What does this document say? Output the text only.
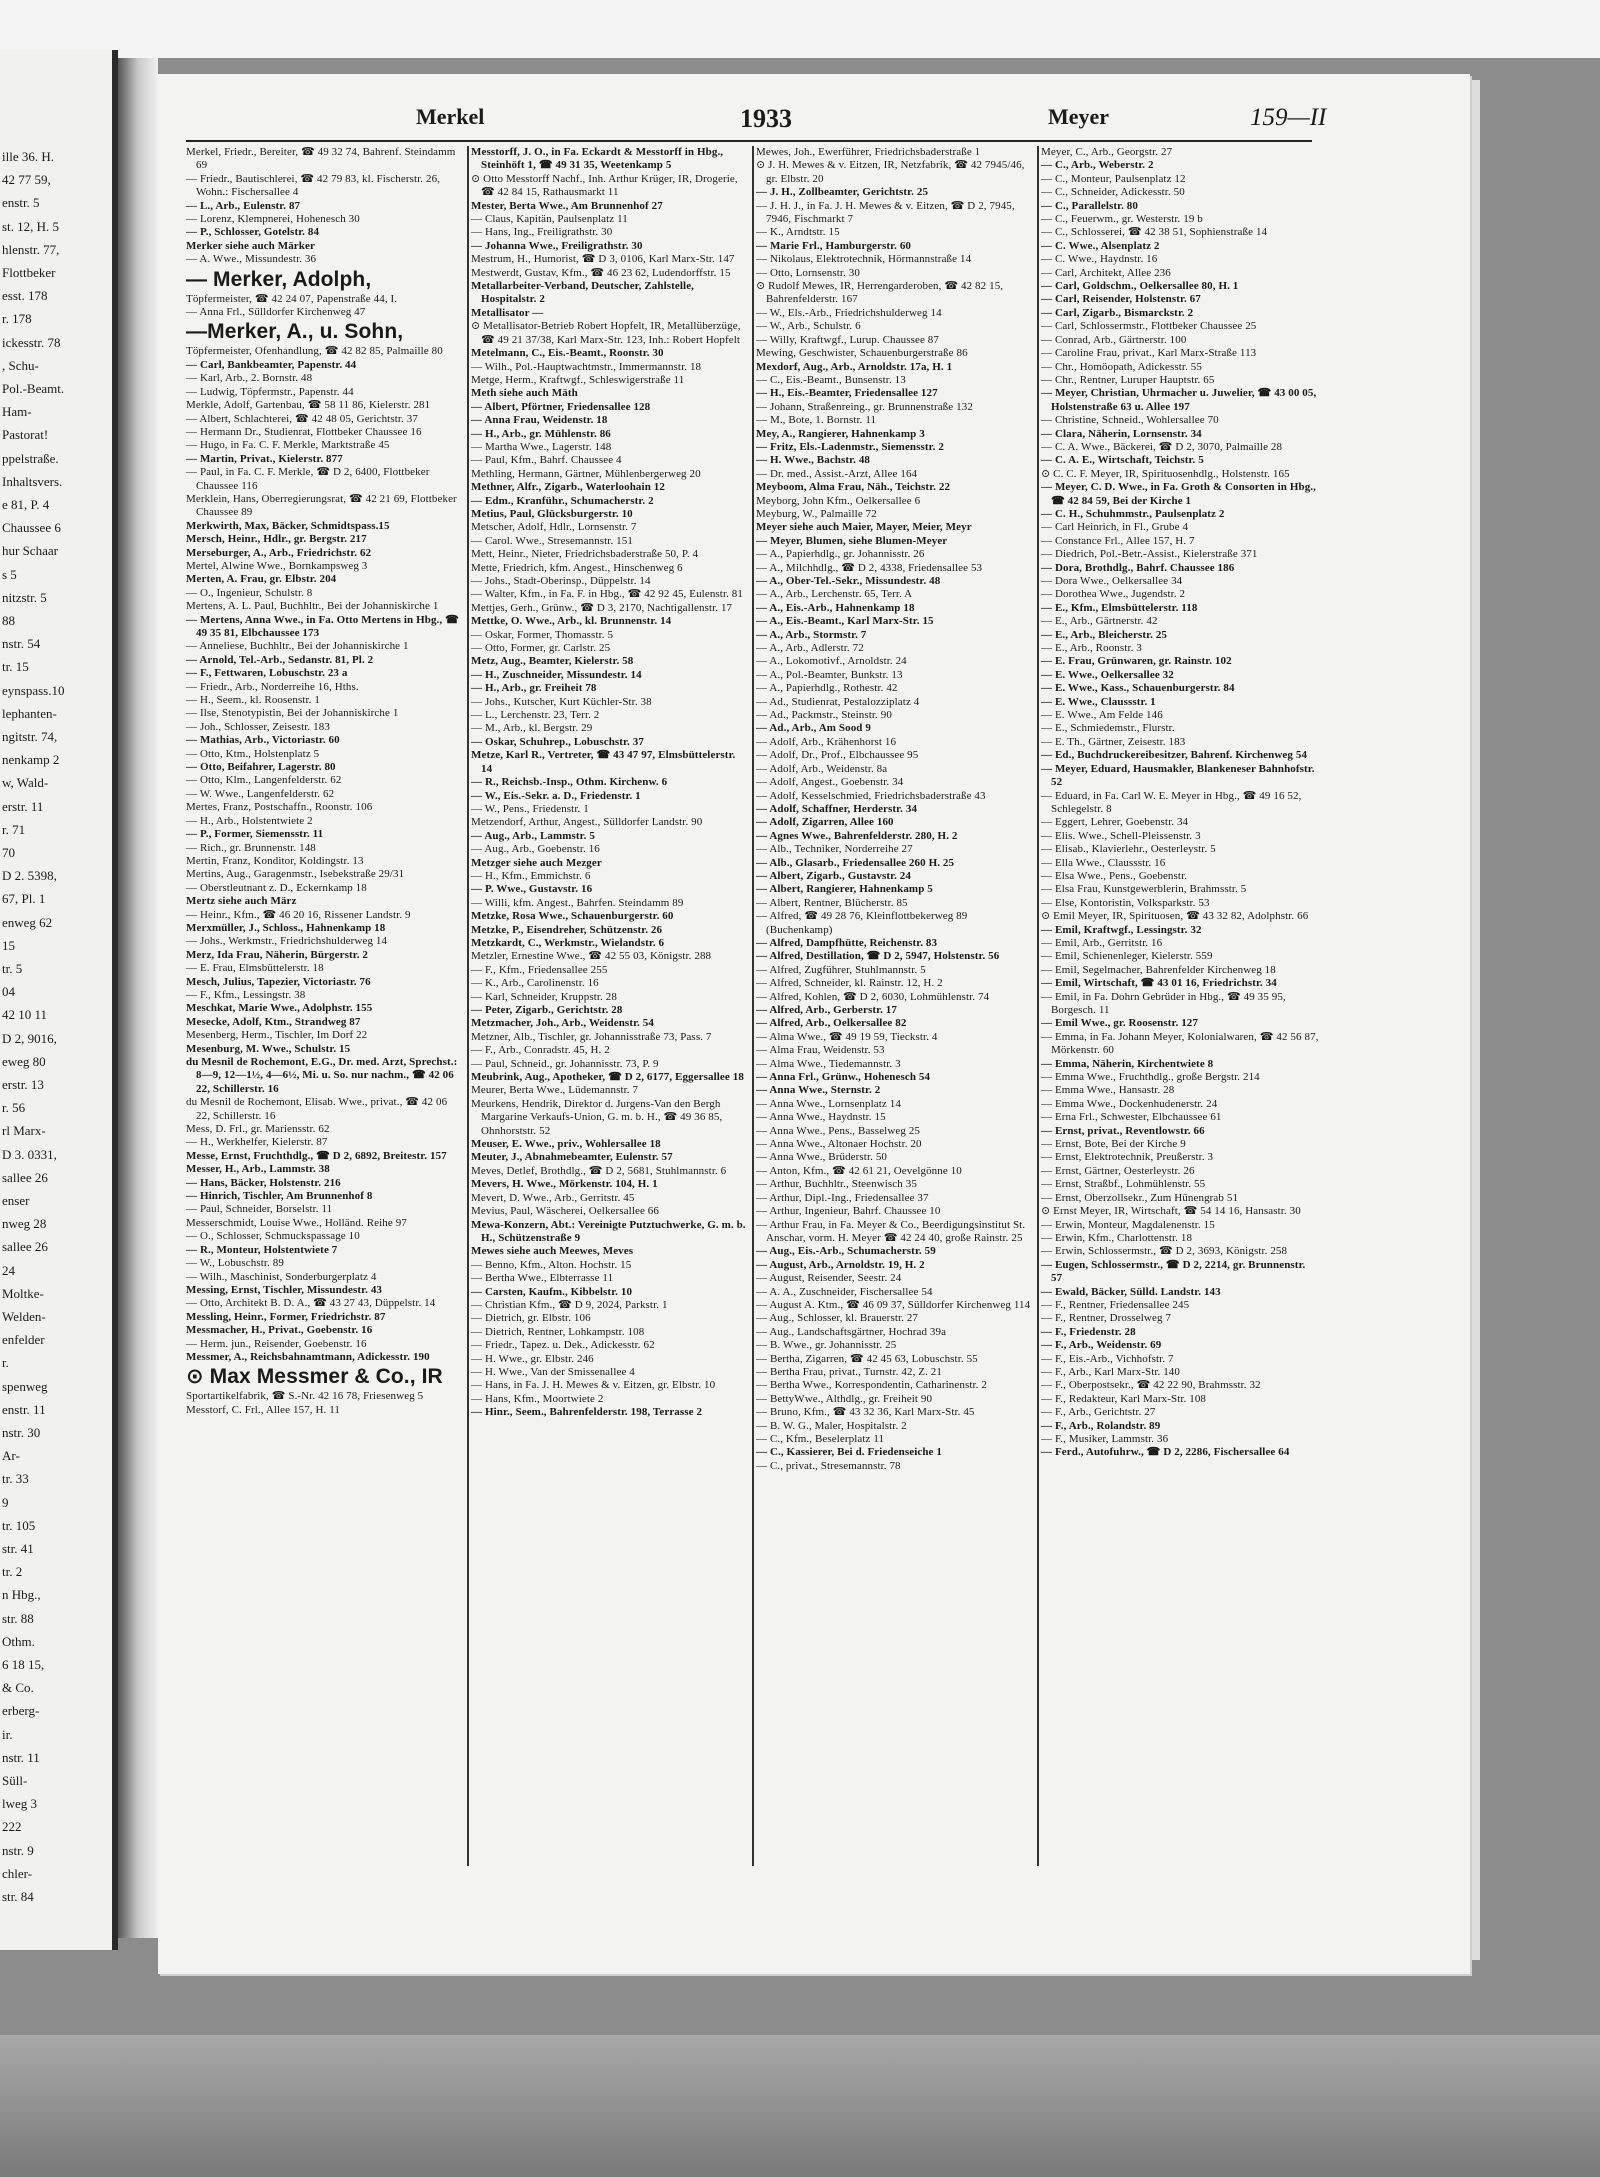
ille 36. H.
42 77 59,
enstr. 5
st. 12, H. 5
hlenstr. 77,
Flottbeker
esst. 178
r. 178
ickesstr. 78
, Schu-
Pol.-Beamt.
Ham-
Pastorat!
ppelstraße.
Inhaltsvers.
e 81, P. 4
Chaussee 6
hur Schaar
s 5
nitzstr. 5
88
nstr. 54
tr. 15
eynspass.10
lephanten-
ngitstr. 74,
nenkamp 2
w, Wald-
erstr. 11
r. 71
70
D 2. 5398,
67, Pl. 1
enweg 62
15
tr. 5
04
42 10 11
D 2, 9016,
eweg 80
erstr. 13
r. 56
rl Marx-
D 3. 0331,
sallee 26
enser
nweg 28
sallee 26
24
Moltke-
Welden-
enfelder
r.
spenweg
enstr. 11
nstr. 30
Ar-
tr. 33
9
tr. 105
str. 41
tr. 2
n Hbg.,
str. 88
Othm.
6 18 15,
& Co.
erberg-
ir.
nstr. 11
Süll-
lweg 3
222
nstr. 9
chler-
str. 84
Merkel	1933	Meyer	159—II

Merkel, Friedr., Bereiter, ☎ 49 32 74, Bahrenf. Steindamm 69

— Friedr., Bautischlerei, ☎ 42 79 83, kl. Fischerstr. 26, Wohn.: Fischersallee 4

— L., Arb., Eulenstr. 87

— Lorenz, Klempnerei, Hohenesch 30

— P., Schlosser, Gotelstr. 84

Merker siehe auch Märker

— A. Wwe., Missundestr. 36

— Merker, Adolph,

Töpfermeister, ☎ 42 24 07, Papenstraße 44, I.

— Anna Frl., Sülldorfer Kirchenweg 47

—Merker, A., u. Sohn,

Töpfermeister, Ofenhandlung, ☎ 42 82 85, Palmaille 80

— Carl, Bankbeamter, Papenstr. 44

— Karl, Arb., 2. Bornstr. 48

— Ludwig, Töpfermstr., Papenstr. 44

Merkle, Adolf, Gartenbau, ☎ 58 11 86, Kielerstr. 281

— Albert, Schlachterei, ☎ 42 48 05, Gerichtstr. 37

— Hermann Dr., Studienrat, Flottbeker Chaussee 16

— Hugo, in Fa. C. F. Merkle, Marktstraße 45

— Martin, Privat., Kielerstr. 877

— Paul, in Fa. C. F. Merkle, ☎ D 2, 6400, Flottbeker Chaussee 116

Merklein, Hans, Oberregierungsrat, ☎ 42 21 69, Flottbeker Chaussee 89

Merkwirth, Max, Bäcker, Schmidtspass.15

Mersch, Heinr., Hdlr., gr. Bergstr. 217

Merseburger, A., Arb., Friedrichstr. 62

Mertel, Alwine Wwe., Bornkampsweg 3

Merten, A. Frau, gr. Elbstr. 204

— O., Ingenieur, Schulstr. 8

Mertens, A. L. Paul, Buchhltr., Bei der Johanniskirche 1

— Mertens, Anna Wwe., in Fa. Otto Mertens in Hbg., ☎ 49 35 81, Elbchaussee 173

— Anneliese, Buchhltr., Bei der Johanniskirche 1

— Arnold, Tel.-Arb., Sedanstr. 81, Pl. 2

— F., Fettwaren, Lobuschstr. 23 a

— Friedr., Arb., Norderreihe 16, Hths.

— H., Seem., kl. Roosenstr. 1

— Ilse, Stenotypistin, Bei der Johanniskirche 1

— Joh., Schlosser, Zeisestr. 183

— Mathias, Arb., Victoriastr. 60

— Otto, Ktm., Holstenplatz 5

— Otto, Beifahrer, Lagerstr. 80

— Otto, Klm., Langenfelderstr. 62

— W. Wwe., Langenfelderstr. 62

Mertes, Franz, Postschaffn., Roonstr. 106

— H., Arb., Holstentwiete 2

— P., Former, Siemensstr. 11

— Rich., gr. Brunnenstr. 148

Mertin, Franz, Konditor, Koldingstr. 13

Mertins, Aug., Garagenmstr., Isebekstraße 29/31

— Oberstleutnant z. D., Eckernkamp 18

Mertz siehe auch März

— Heinr., Kfm., ☎ 46 20 16, Rissener Landstr. 9

Merxmüller, J., Schloss., Hahnenkamp 18

— Johs., Werkmstr., Friedrichshulderweg 14

Merz, Ida Frau, Näherin, Bürgerstr. 2

— E. Frau, Elmsbüttelerstr. 18

Mesch, Julius, Tapezier, Victoriastr. 76

— F., Kfm., Lessingstr. 38

Meschkat, Marie Wwe., Adolphstr. 155

Mesecke, Adolf, Ktm., Strandweg 87

Mesenberg, Herm., Tischler, Im Dorf 22

Mesenburg, M. Wwe., Schulstr. 15

du Mesnil de Rochemont, E.G., Dr. med. Arzt, Sprechst.: 8—9, 12—1½, 4—6½, Mi. u. So. nur nachm., ☎ 42 06 22, Schillerstr. 16

du Mesnil de Rochemont, Elisab. Wwe., privat., ☎ 42 06 22, Schillerstr. 16

Mess, D. Frl., gr. Mariensstr. 62

— H., Werkhelfer, Kielerstr. 87

Messe, Ernst, Fruchthdlg., ☎ D 2, 6892, Breitestr. 157

Messer, H., Arb., Lammstr. 38

— Hans, Bäcker, Holstenstr. 216

— Hinrich, Tischler, Am Brunnenhof 8

— Paul, Schneider, Borselstr. 11

Messerschmidt, Louise Wwe., Holländ. Reihe 97

— O., Schlosser, Schmuckspassage 10

— R., Monteur, Holstentwiete 7

— W., Lobuschstr. 89

— Wilh., Maschinist, Sonderburgerplatz 4

Messing, Ernst, Tischler, Missundestr. 43

— Otto, Architekt B. D. A., ☎ 43 27 43, Düppelstr. 14

Messling, Heinr., Former, Friedrichstr. 87

Messmacher, H., Privat., Goebenstr. 16

— Herm. jun., Reisender, Goebenstr. 16

Messmer, A., Reichsbahnamtmann, Adickesstr. 190

⊙ Max Messmer & Co., IR

Sportartikelfabrik, ☎ S.-Nr. 42 16 78, Friesenweg 5

Messtorf, C. Frl., Allee 157, H. 11

Messtorff, J. O., in Fa. Eckardt & Messtorff in Hbg., Steinhöft 1, ☎ 49 31 35, Weetenkamp 5

⊙ Otto Messtorff Nachf., Inh. Arthur Krüger, IR, Drogerie, ☎ 42 84 15, Rathausmarkt 11

Mester, Berta Wwe., Am Brunnenhof 27

— Claus, Kapitän, Paulsenplatz 11

— Hans, Ing., Freiligrathstr. 30

— Johanna Wwe., Freiligrathstr. 30

Mestrum, H., Humorist, ☎ D 3, 0106, Karl Marx-Str. 147

Mestwerdt, Gustav, Kfm., ☎ 46 23 62, Ludendorffstr. 15

Metallarbeiter-Verband, Deutscher, Zahlstelle, Hospitalstr. 2

Metallisator —

⊙ Metallisator-Betrieb Robert Hopfelt, IR, Metallüberzüge, ☎ 49 21 37/38, Karl Marx-Str. 123, Inh.: Robert Hopfelt

Metelmann, C., Eis.-Beamt., Roonstr. 30

— Wilh., Pol.-Hauptwachtmstr., Immermannstr. 18

Metge, Herm., Kraftwgf., Schleswigerstraße 11

Meth siehe auch Mäth

— Albert, Pförtner, Friedensallee 128

— Anna Frau, Weidenstr. 18

— H., Arb., gr. Mühlenstr. 86

— Martha Wwe., Lagerstr. 148

— Paul, Kfm., Bahrf. Chaussee 4

Methling, Hermann, Gärtner, Mühlenbergerweg 20

Methner, Alfr., Zigarb., Waterloohain 12

— Edm., Kranführ., Schumacherstr. 2

Metius, Paul, Glücksburgerstr. 10

Metscher, Adolf, Hdlr., Lornsenstr. 7

— Carol. Wwe., Stresemannstr. 151

Mett, Heinr., Nieter, Friedrichsbaderstraße 50, P. 4

Mette, Friedrich, kfm. Angest., Hinschenweg 6

— Johs., Stadt-Oberinsp., Düppelstr. 14

— Walter, Kfm., in Fa. F. in Hbg., ☎ 42 92 45, Eulenstr. 81

Mettjes, Gerh., Grünw., ☎ D 3, 2170, Nachtigallenstr. 17

Mettke, O. Wwe., Arb., kl. Brunnenstr. 14

— Oskar, Former, Thomasstr. 5

— Otto, Former, gr. Carlstr. 25

Metz, Aug., Beamter, Kielerstr. 58

— H., Zuschneider, Missundestr. 14

— H., Arb., gr. Freiheit 78

— Johs., Kutscher, Kurt Küchler-Str. 38

— L., Lerchenstr. 23, Terr. 2

— M., Arb., kl. Bergstr. 29

— Oskar, Schuhrep., Lobuschstr. 37

Metze, Karl R., Vertreter, ☎ 43 47 97, Elmsbüttelerstr. 14

— R., Reichsb.-Insp., Othm. Kirchenw. 6

— W., Eis.-Sekr. a. D., Friedenstr. 1

— W., Pens., Friedenstr. 1

Metzendorf, Arthur, Angest., Sülldorfer Landstr. 90

— Aug., Arb., Lammstr. 5

— Aug., Arb., Goebenstr. 16

Metzger siehe auch Mezger

— H., Kfm., Emmichstr. 6

— P. Wwe., Gustavstr. 16

— Willi, kfm. Angest., Bahrfen. Steindamm 89

Metzke, Rosa Wwe., Schauenburgerstr. 60

Metzke, P., Eisendreher, Schützenstr. 26

Metzkardt, C., Werkmstr., Wielandstr. 6

Metzler, Ernestine Wwe., ☎ 42 55 03, Königstr. 288

— F., Kfm., Friedensallee 255

— K., Arb., Carolinenstr. 16

— Karl, Schneider, Kruppstr. 28

— Peter, Zigarb., Gerichtstr. 28

Metzmacher, Joh., Arb., Weidenstr. 54

Metzner, Alb., Tischler, gr. Johannisstraße 73, Pass. 7

— F., Arb., Conradstr. 45, H. 2

— Paul, Schneid., gr. Johannisstr. 73, P. 9

Meubrink, Aug., Apotheker, ☎ D 2, 6177, Eggersallee 18

Meurer, Berta Wwe., Lüdemannstr. 7

Meurkens, Hendrik, Direktor d. Jurgens-Van den Bergh Margarine Verkaufs-Union, G. m. b. H., ☎ 49 36 85, Ohnhorststr. 52

Meuser, E. Wwe., priv., Wohlersallee 18

Meuter, J., Abnahmebeamter, Eulenstr. 57

Meves, Detlef, Brothdlg., ☎ D 2, 5681, Stuhlmannstr. 6

Mevers, H. Wwe., Mörkenstr. 104, H. 1

Mevert, D. Wwe., Arb., Gerritstr. 45

Mevius, Paul, Wäscherei, Oelkersallee 66

Mewa-Konzern, Abt.: Vereinigte Putztuchwerke, G. m. b. H., Schützenstraße 9

Mewes siehe auch Meewes, Meves

— Benno, Kfm., Alton. Hochstr. 15

— Bertha Wwe., Elbterrasse 11

— Carsten, Kaufm., Kibbelstr. 10

— Christian Kfm., ☎ D 9, 2024, Parkstr. 1

— Dietrich, gr. Elbstr. 106

— Dietrich, Rentner, Lohkampstr. 108

— Friedr., Tapez. u. Dek., Adickesstr. 62

— H. Wwe., gr. Elbstr. 246

— H. Wwe., Van der Smissenallee 4

— Hans, in Fa. J. H. Mewes & v. Eitzen, gr. Elbstr. 10

— Hans, Kfm., Moortwiete 2

— Hinr., Seem., Bahrenfelderstr. 198, Terrasse 2

Mewes, Joh., Ewerführer, Friedrichsbaderstraße 1

⊙ J. H. Mewes & v. Eitzen, IR, Netzfabrik, ☎ 42 7945/46, gr. Elbstr. 20

— J. H., Zollbeamter, Gerichtstr. 25

— J. H. J., in Fa. J. H. Mewes & v. Eitzen, ☎ D 2, 7945, 7946, Fischmarkt 7

— K., Arndtstr. 15

— Marie Frl., Hamburgerstr. 60

— Nikolaus, Elektrotechnik, Hörmannstraße 14

— Otto, Lornsenstr. 30

⊙ Rudolf Mewes, IR, Herrengarderoben, ☎ 42 82 15, Bahrenfelderstr. 167

— W., Els.-Arb., Friedrichshulderweg 14

— W., Arb., Schulstr. 6

— Willy, Kraftwgf., Lurup. Chaussee 87

Mewing, Geschwister, Schauenburgerstraße 86

Mexdorf, Aug., Arb., Arnoldstr. 17a, H. 1

— C., Eis.-Beamt., Bunsenstr. 13

— H., Eis.-Beamter, Friedensallee 127

— Johann, Straßenreing., gr. Brunnenstraße 132

— M., Bote, 1. Bornstr. 11

Mey, A., Rangierer, Hahnenkamp 3

— Fritz, Els.-Ladenmstr., Siemensstr. 2

— H. Wwe., Bachstr. 48

— Dr. med., Assist.-Arzt, Allee 164

Meyboom, Alma Frau, Näh., Teichstr. 22

Meyborg, John Kfm., Oelkersallee 6

Meyburg, W., Palmaille 72

Meyer siehe auch Maier, Mayer, Meier, Meyr

— Meyer, Blumen, siehe Blumen-Meyer

— A., Papierhdlg., gr. Johannisstr. 26

— A., Milchhdlg., ☎ D 2, 4338, Friedensallee 53

— A., Ober-Tel.-Sekr., Missundestr. 48

— A., Arb., Lerchenstr. 65, Terr. A

— A., Eis.-Arb., Hahnenkamp 18

— A., Eis.-Beamt., Karl Marx-Str. 15

— A., Arb., Stormstr. 7

— A., Arb., Adlerstr. 72

— A., Lokomotivf., Arnoldstr. 24

— A., Pol.-Beamter, Bunkstr. 13

— A., Papierhdlg., Rothestr. 42

— Ad., Studienrat, Pestalozziplatz 4

— Ad., Packmstr., Steinstr. 90

— Ad., Arb., Am Sood 9

— Adolf, Arb., Krähenhorst 16

— Adolf, Dr., Prof., Elbchaussee 95

— Adolf, Arb., Weidenstr. 8a

— Adolf, Angest., Goebenstr. 34

— Adolf, Kesselschmied, Friedrichsbaderstraße 43

— Adolf, Schaffner, Herderstr. 34

— Adolf, Zigarren, Allee 160

— Agnes Wwe., Bahrenfelderstr. 280, H. 2

— Alb., Techniker, Norderreihe 27

— Alb., Glasarb., Friedensallee 260 H. 25

— Albert, Zigarb., Gustavstr. 24

— Albert, Rangierer, Hahnenkamp 5

— Albert, Rentner, Blücherstr. 85

— Alfred, ☎ 49 28 76, Kleinflottbekerweg 89 (Buchenkamp)

— Alfred, Dampfhütte, Reichenstr. 83

— Alfred, Destillation, ☎ D 2, 5947, Holstenstr. 56

— Alfred, Zugführer, Stuhlmannstr. 5

— Alfred, Schneider, kl. Rainstr. 12, H. 2

— Alfred, Kohlen, ☎ D 2, 6030, Lohmühlenstr. 74

— Alfred, Arb., Gerberstr. 17

— Alfred, Arb., Oelkersallee 82

— Alma Wwe., ☎ 49 19 59, Tieckstr. 4

— Alma Frau, Weidenstr. 53

— Alma Wwe., Tiedemannstr. 3

— Anna Frl., Grünw., Hohenesch 54

— Anna Wwe., Sternstr. 2

— Anna Wwe., Lornsenplatz 14

— Anna Wwe., Haydnstr. 15

— Anna Wwe., Pens., Basselweg 25

— Anna Wwe., Altonaer Hochstr. 20

— Anna Wwe., Brüderstr. 50

— Anton, Kfm., ☎ 42 61 21, Oevelgönne 10

— Arthur, Buchhltr., Steenwisch 35

— Arthur, Dipl.-Ing., Friedensallee 37

— Arthur, Ingenieur, Bahrf. Chaussee 10

— Arthur Frau, in Fa. Meyer & Co., Beerdigungsinstitut St. Anschar, vorm. H. Meyer ☎ 42 24 40, große Rainstr. 25

— Aug., Eis.-Arb., Schumacherstr. 59

— August, Arb., Arnoldstr. 19, H. 2

— August, Reisender, Seestr. 24

— A. A., Zuschneider, Fischersallee 54

— August A. Ktm., ☎ 46 09 37, Sülldorfer Kirchenweg 114

— Aug., Schlosser, kl. Brauerstr. 27

— Aug., Landschaftsgärtner, Hochrad 39a

— B. Wwe., gr. Johannisstr. 25

— Bertha, Zigarren, ☎ 42 45 63, Lobuschstr. 55

— Bertha Frau, privat., Turnstr. 42, Z. 21

— Bertha Wwe., Korrespondentin, Catharinenstr. 2

— BettyWwe., Althdlg., gr. Freiheit 90

— Bruno, Kfm., ☎ 43 32 36, Karl Marx-Str. 45

— B. W. G., Maler, Hospitalstr. 2

— C., Kfm., Beselerplatz 11

— C., Kassierer, Bei d. Friedenseiche 1

— C., privat., Stresemannstr. 78

Meyer, C., Arb., Georgstr. 27

— C., Arb., Weberstr. 2

— C., Monteur, Paulsenplatz 12

— C., Schneider, Adickesstr. 50

— C., Parallelstr. 80

— C., Feuerwm., gr. Westerstr. 19 b

— C., Schlosserei, ☎ 42 38 51, Sophienstraße 14

— C. Wwe., Alsenplatz 2

— C. Wwe., Haydnstr. 16

— Carl, Architekt, Allee 236

— Carl, Goldschm., Oelkersallee 80, H. 1

— Carl, Reisender, Holstenstr. 67

— Carl, Zigarb., Bismarckstr. 2

— Carl, Schlossermstr., Flottbeker Chaussee 25

— Conrad, Arb., Gärtnerstr. 100

— Caroline Frau, privat., Karl Marx-Straße 113

— Chr., Homöopath, Adickesstr. 55

— Chr., Rentner, Luruper Hauptstr. 65

— Meyer, Christian, Uhrmacher u. Juwelier, ☎ 43 00 05, Holstenstraße 63 u. Allee 197

— Christine, Schneid., Wohlersallee 70

— Clara, Näherin, Lornsenstr. 34

— C. A. Wwe., Bäckerei, ☎ D 2, 3070, Palmaille 28

— C. A. E., Wirtschaft, Teichstr. 5

⊙ C. C. F. Meyer, IR, Spirituosenhdlg., Holstenstr. 165

— Meyer, C. D. Wwe., in Fa. Groth & Consorten in Hbg., ☎ 42 84 59, Bei der Kirche 1

— C. H., Schuhmmstr., Paulsenplatz 2

— Carl Heinrich, in Fl., Grube 4

— Constance Frl., Allee 157, H. 7

— Diedrich, Pol.-Betr.-Assist., Kielerstraße 371

— Dora, Brothdlg., Bahrf. Chaussee 186

— Dora Wwe., Oelkersallee 34

— Dorothea Wwe., Jugendstr. 2

— E., Kfm., Elmsbüttelerstr. 118

— E., Arb., Gärtnerstr. 42

— E., Arb., Bleicherstr. 25

— E., Arb., Roonstr. 3

— E. Frau, Grünwaren, gr. Rainstr. 102

— E. Wwe., Oelkersallee 32

— E. Wwe., Kass., Schauenburgerstr. 84

— E. Wwe., Claussstr. 1

— E. Wwe., Am Felde 146

— E., Schmiedemstr., Flurstr.

— E. Th., Gärtner, Zeisestr. 183

— Ed., Buchdruckereibesitzer, Bahrenf. Kirchenweg 54

— Meyer, Eduard, Hausmakler, Blankeneser Bahnhofstr. 52

— Eduard, in Fa. Carl W. E. Meyer in Hbg., ☎ 49 16 52, Schlegelstr. 8

— Eggert, Lehrer, Goebenstr. 34

— Elis. Wwe., Schell-Pleissenstr. 3

— Elisab., Klavierlehr., Oesterleystr. 5

— Ella Wwe., Claussstr. 16

— Elsa Wwe., Pens., Goebenstr.

— Elsa Frau, Kunstgewerblerin, Brahmsstr. 5

— Else, Kontoristin, Volksparkstr. 53

⊙ Emil Meyer, IR, Spirituosen, ☎ 43 32 82, Adolphstr. 66

— Emil, Kraftwgf., Lessingstr. 32

— Emil, Arb., Gerritstr. 16

— Emil, Schienenleger, Kielerstr. 559

— Emil, Segelmacher, Bahrenfelder Kirchenweg 18

— Emil, Wirtschaft, ☎ 43 01 16, Friedrichstr. 34

— Emil, in Fa. Dohrn Gebrüder in Hbg., ☎ 49 35 95, Borgesch. 11

— Emil Wwe., gr. Roosenstr. 127

— Emma, in Fa. Johann Meyer, Kolonialwaren, ☎ 42 56 87, Mörkenstr. 60

— Emma, Näherin, Kirchentwiete 8

— Emma Wwe., Fruchthdlg., große Bergstr. 214

— Emma Wwe., Hansastr. 28

— Emma Wwe., Dockenhudenerstr. 24

— Erna Frl., Schwester, Elbchaussee 61

— Ernst, privat., Reventlowstr. 66

— Ernst, Bote, Bei der Kirche 9

— Ernst, Elektrotechnik, Preußerstr. 3

— Ernst, Gärtner, Oesterleystr. 26

— Ernst, Straßbf., Lohmühlenstr. 55

— Ernst, Oberzollsekr., Zum Hünengrab 51

⊙ Ernst Meyer, IR, Wirtschaft, ☎ 54 14 16, Hansastr. 30

— Erwin, Monteur, Magdalenenstr. 15

— Erwin, Kfm., Charlottenstr. 18

— Erwin, Schlossermstr., ☎ D 2, 3693, Königstr. 258

— Eugen, Schlossermstr., ☎ D 2, 2214, gr. Brunnenstr. 57

— Ewald, Bäcker, Sülld. Landstr. 143

— F., Rentner, Friedensallee 245

— F., Rentner, Drosselweg 7

— F., Friedenstr. 28

— F., Arb., Weidenstr. 69

— F., Eis.-Arb., Vichhofstr. 7

— F., Arb., Karl Marx-Str. 140

— F., Oberpostsekr., ☎ 42 22 90, Brahmsstr. 32

— F., Redakteur, Karl Marx-Str. 108

— F., Arb., Gerichtstr. 27

— F., Arb., Rolandstr. 89

— F., Musiker, Lammstr. 36

— Ferd., Autofuhrw., ☎ D 2, 2286, Fischersallee 64
